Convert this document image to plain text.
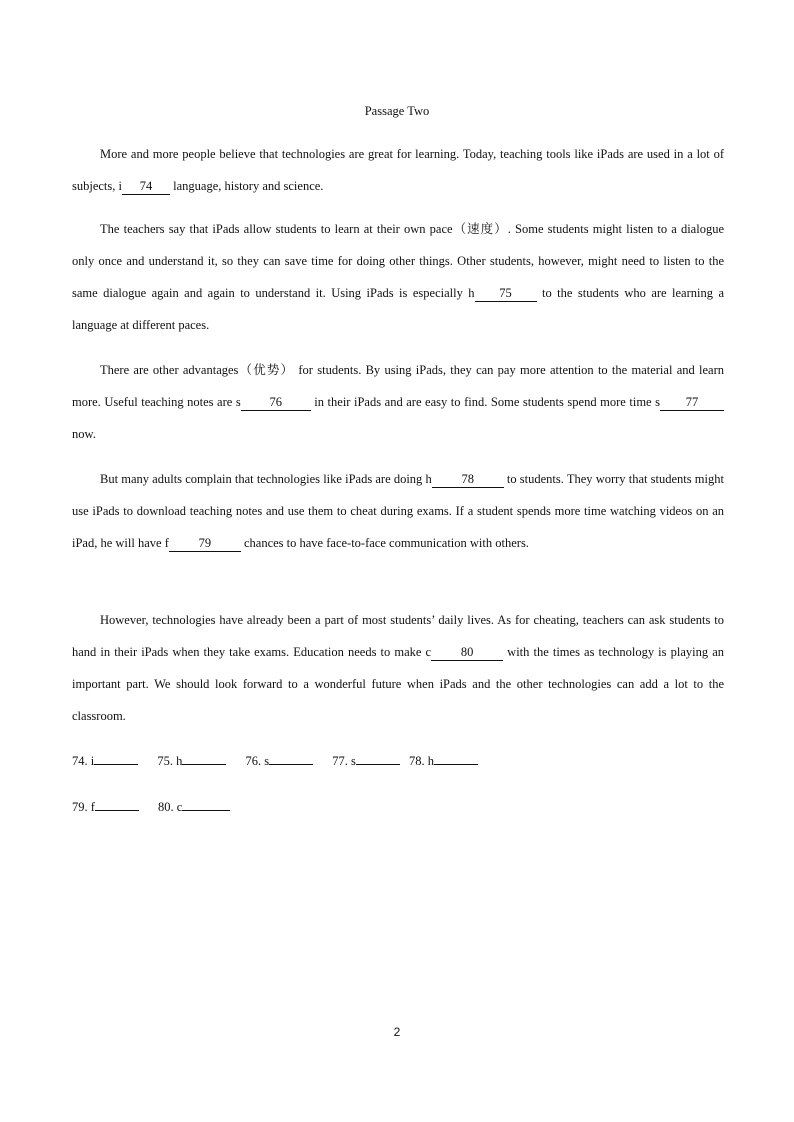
Passage Two

More and more people believe that technologies are great for learning. Today, teaching tools like iPads are used in a lot of subjects, i 74 language, history and science.

The teachers say that iPads allow students to learn at their own pace（速度）. Some students might listen to a dialogue only once and understand it, so they can save time for doing other things. Other students, however, might need to listen to the same dialogue again and again to understand it. Using iPads is especially h 75 to the students who are learning a language at different paces.

There are other advantages（优势） for students. By using iPads, they can pay more attention to the material and learn more. Useful teaching notes are s 76 in their iPads and are easy to find. Some students spend more time s 77 now.

But many adults complain that technologies like iPads are doing h 78 to students. They worry that students might use iPads to download teaching notes and use them to cheat during exams. If a student spends more time watching videos on an iPad, he will have f 79 chances to have face-to-face communication with others.

However, technologies have already been a part of most students’ daily lives. As for cheating, teachers can ask students to hand in their iPads when they take exams. Education needs to make c 80 with the times as technology is playing an important part. We should look forward to a wonderful future when iPads and the other technologies can add a lot to the classroom.

74. i	75. h	76. s	77. s	78. h
79. f	80. c
2
